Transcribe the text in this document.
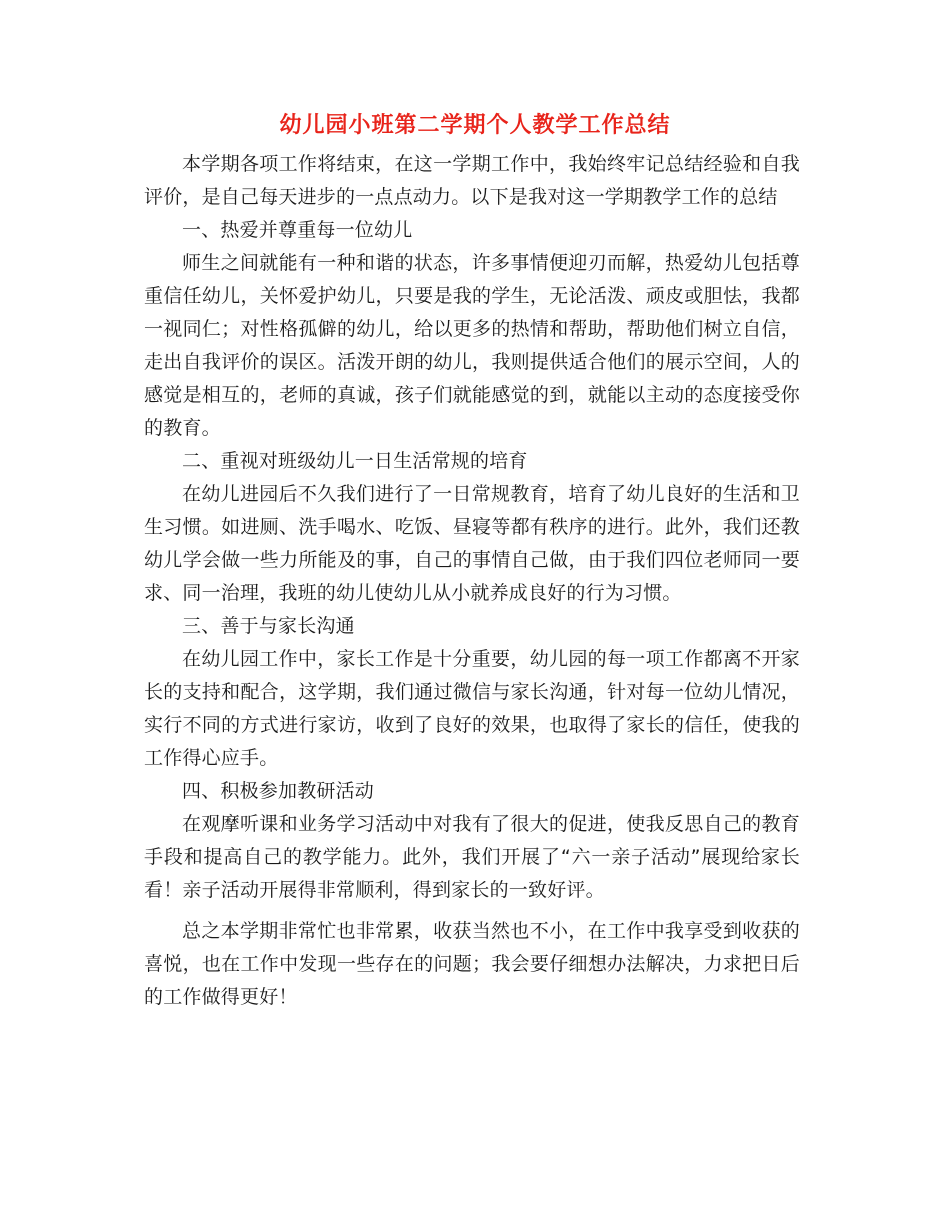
幼儿园小班第二学期个人教学工作总结

本学期各项工作将结束，在这一学期工作中，我始终牢记总结经验和自我评价，是自己每天进步的一点点动力。以下是我对这一学期教学工作的总结

一、热爱并尊重每一位幼儿

师生之间就能有一种和谐的状态，许多事情便迎刃而解，热爱幼儿包括尊重信任幼儿，关怀爱护幼儿，只要是我的学生，无论活泼、顽皮或胆怯，我都一视同仁；对性格孤僻的幼儿，给以更多的热情和帮助，帮助他们树立自信，走出自我评价的误区。活泼开朗的幼儿，我则提供适合他们的展示空间，人的感觉是相互的，老师的真诚，孩子们就能感觉的到，就能以主动的态度接受你的教育。

二、重视对班级幼儿一日生活常规的培育

在幼儿进园后不久我们进行了一日常规教育，培育了幼儿良好的生活和卫生习惯。如进厕、洗手喝水、吃饭、昼寝等都有秩序的进行。此外，我们还教幼儿学会做一些力所能及的事，自己的事情自己做，由于我们四位老师同一要求、同一治理，我班的幼儿使幼儿从小就养成良好的行为习惯。

三、善于与家长沟通

在幼儿园工作中，家长工作是十分重要，幼儿园的每一项工作都离不开家长的支持和配合，这学期，我们通过微信与家长沟通，针对每一位幼儿情况，实行不同的方式进行家访，收到了良好的效果，也取得了家长的信任，使我的工作得心应手。

四、积极参加教研活动

在观摩听课和业务学习活动中对我有了很大的促进，使我反思自己的教育手段和提高自己的教学能力。此外，我们开展了“六一亲子活动”展现给家长看！亲子活动开展得非常顺利，得到家长的一致好评。

总之本学期非常忙也非常累，收获当然也不小，在工作中我享受到收获的喜悦，也在工作中发现一些存在的问题；我会要仔细想办法解决，力求把日后的工作做得更好！
